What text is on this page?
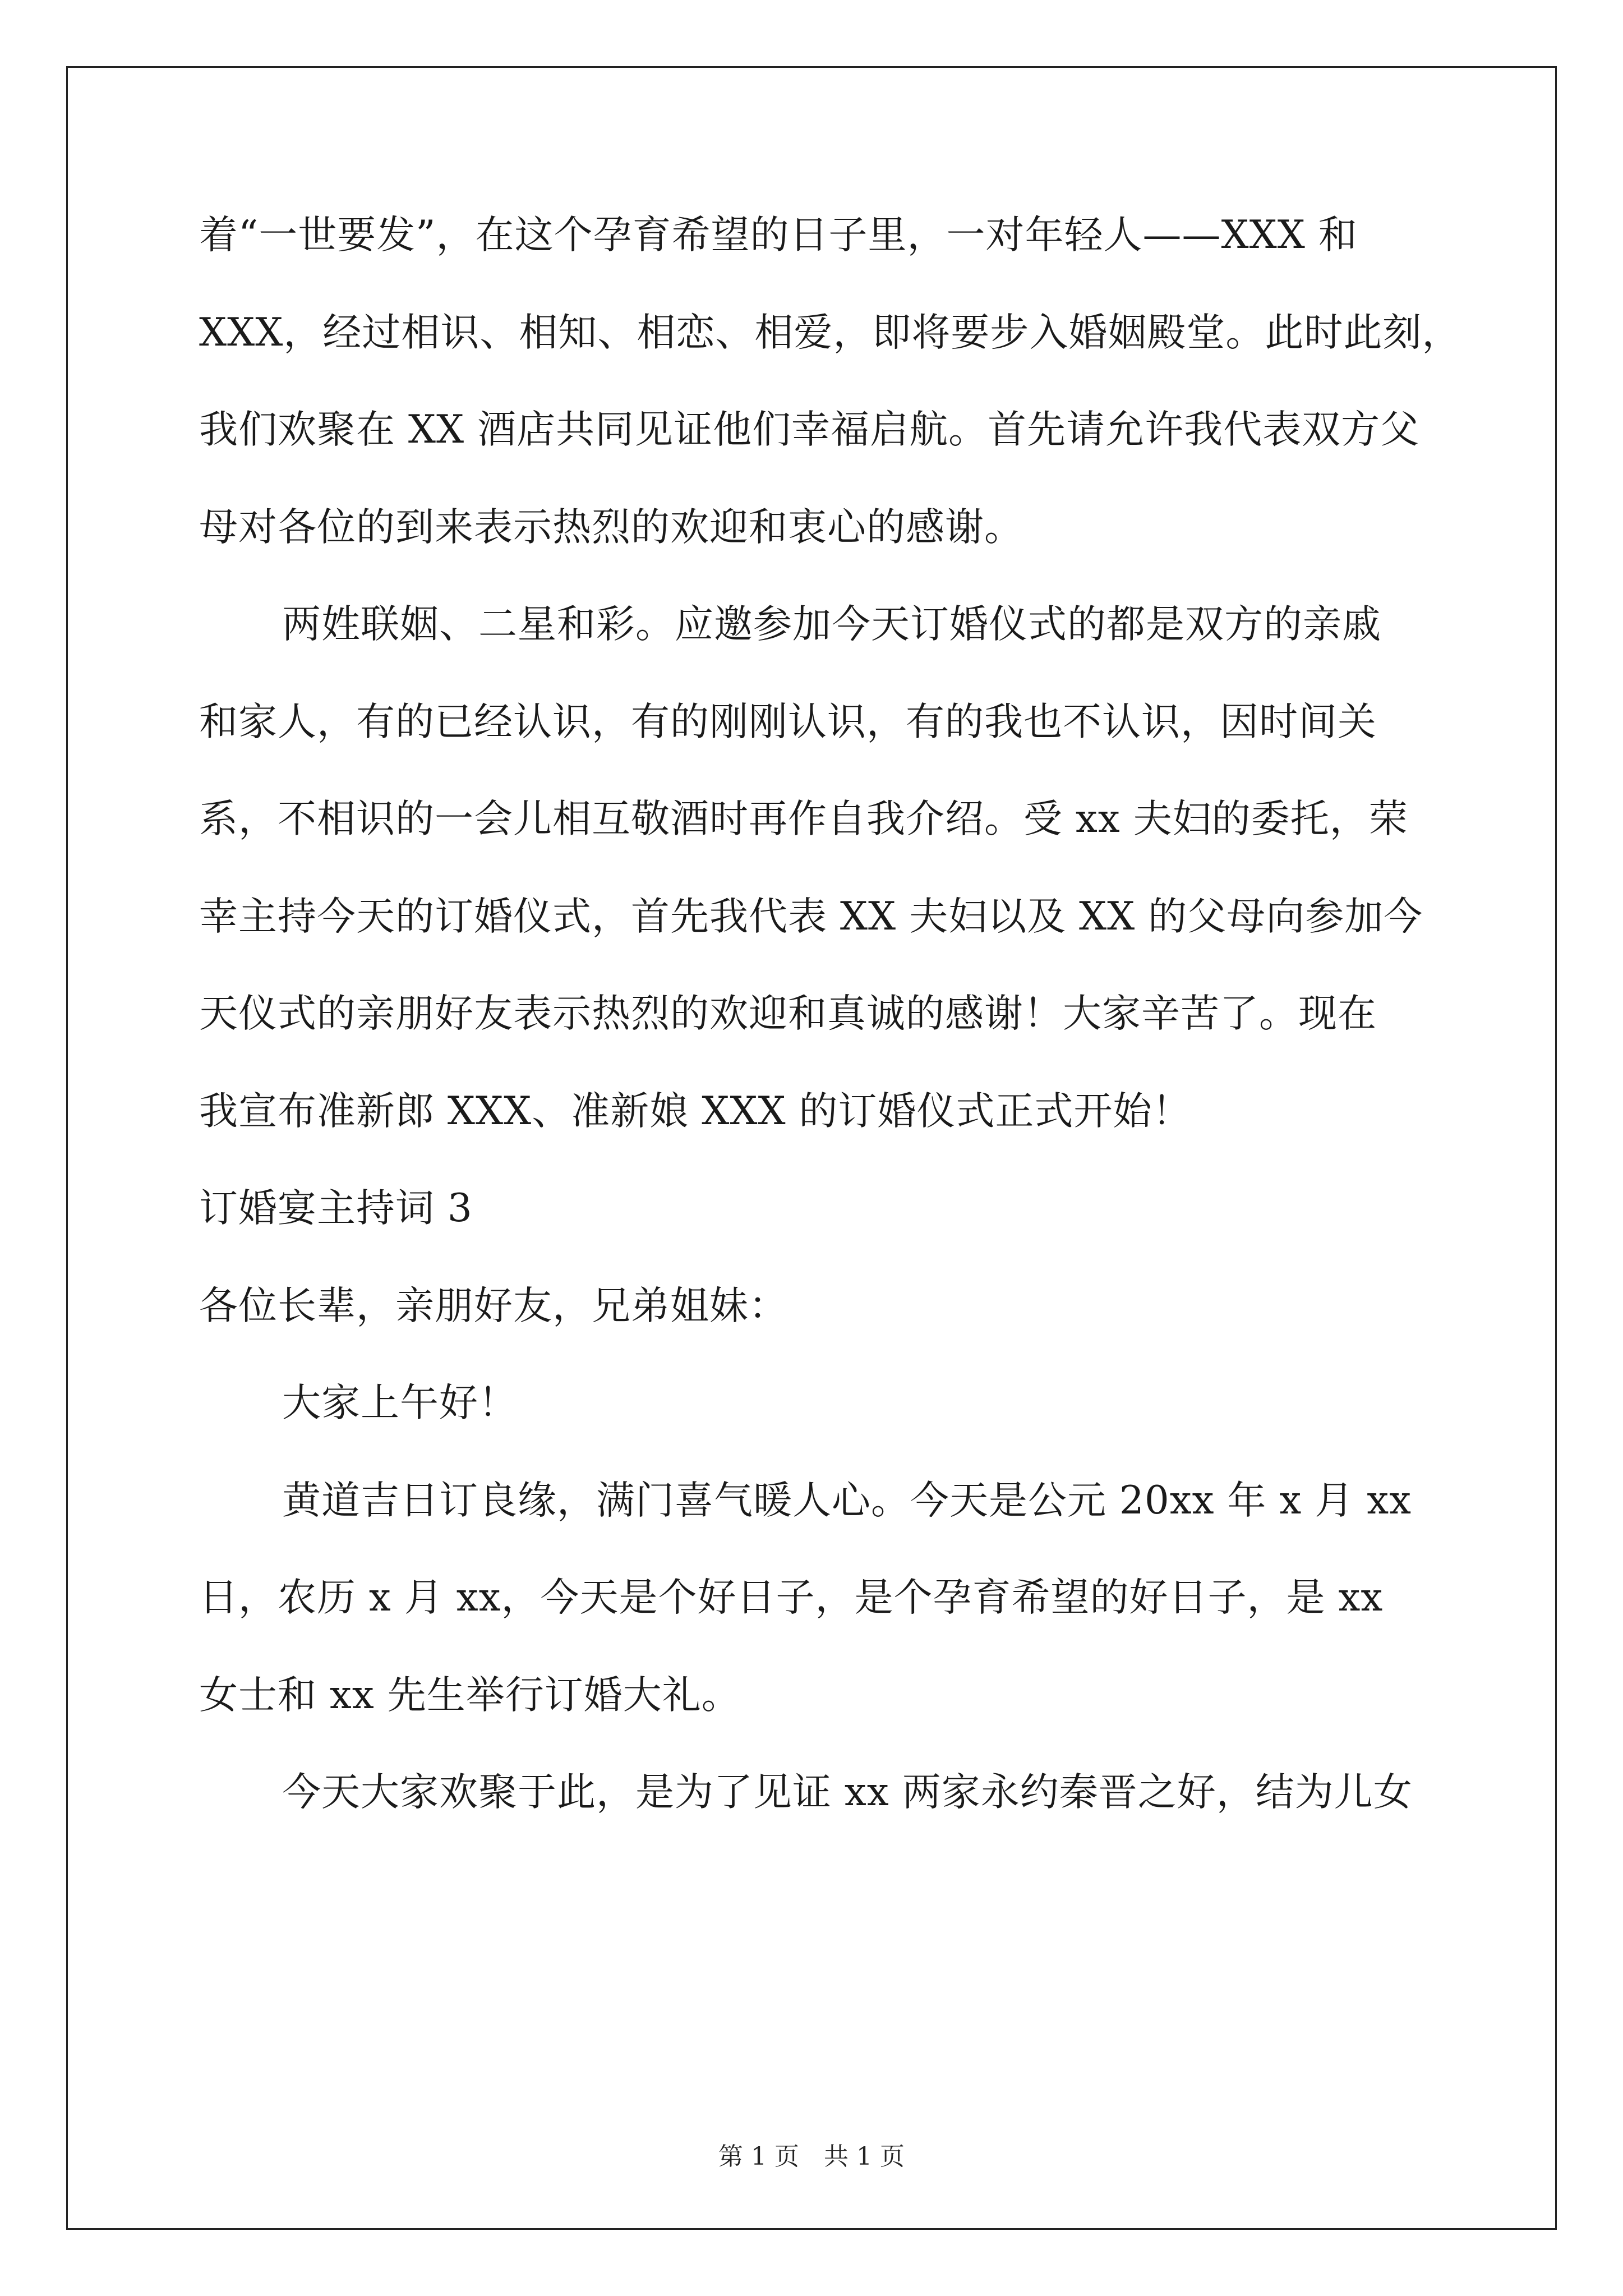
着“一世要发”，在这个孕育希望的日子里，一对年轻人——XXX 和

XXX，经过相识、相知、相恋、相爱，即将要步入婚姻殿堂。此时此刻，

我们欢聚在 XX 酒店共同见证他们幸福启航。首先请允许我代表双方父

母对各位的到来表示热烈的欢迎和衷心的感谢。

两姓联姻、二星和彩。应邀参加今天订婚仪式的都是双方的亲戚

和家人，有的已经认识，有的刚刚认识，有的我也不认识，因时间关

系，不相识的一会儿相互敬酒时再作自我介绍。受 xx 夫妇的委托，荣

幸主持今天的订婚仪式，首先我代表 XX 夫妇以及 XX 的父母向参加今

天仪式的亲朋好友表示热烈的欢迎和真诚的感谢！大家辛苦了。现在

我宣布准新郎 XXX、准新娘 XXX 的订婚仪式正式开始！

订婚宴主持词 3

各位长辈，亲朋好友，兄弟姐妹：

大家上午好！

黄道吉日订良缘，满门喜气暖人心。今天是公元 20xx 年 x 月 xx

日，农历 x 月 xx，今天是个好日子，是个孕育希望的好日子，是 xx

女士和 xx 先生举行订婚大礼。

今天大家欢聚于此，是为了见证 xx 两家永约秦晋之好，结为儿女

第 1 页　共 1 页
